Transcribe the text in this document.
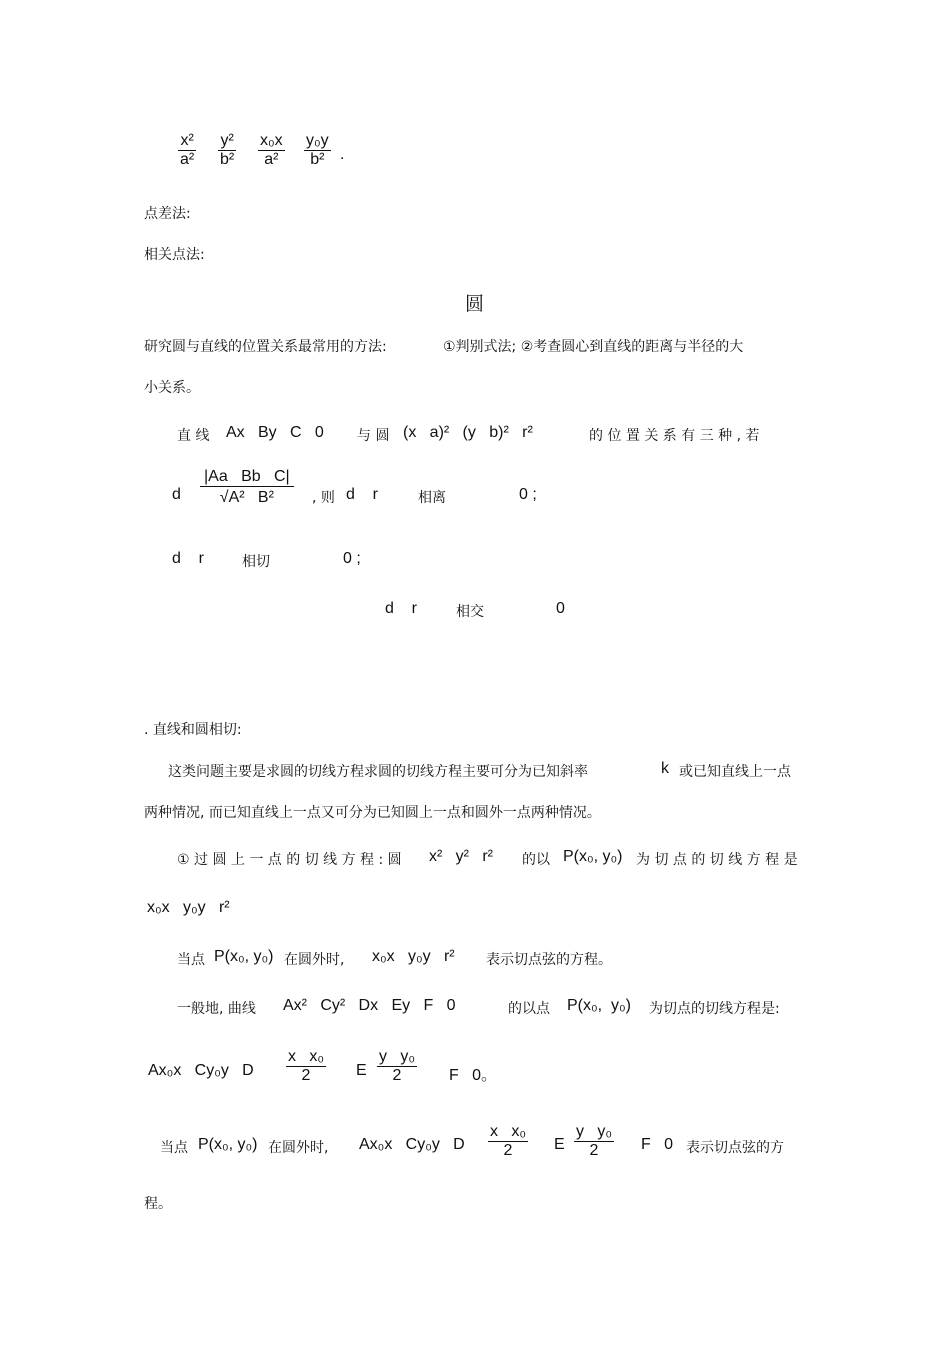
$\frac{\text{x²}}{\text{a²}} \frac{\text{y²}}{\text{b²}} \frac{\text{x₀x}}{\text{a²}} \frac{\text{y₀y}}{\text{b²}}$ .
点差法:
相关点法:
圆
研究圆与直线的位置关系最常用的方法:	①判别式法; ②考查圆心到直线的距离与半径的大
小关系。
直 线 Ax   By   C   0 与 圆 (x   a)²   (y   b)²   r²	的 位 置 关 系 有 三 种 , 若
d $\frac{\text{|Aa   Bb   C|}}{\text{√A²   B²}}$ , 则 d    r	相离	0 ;
d    r	相切	0 ;
d    r	相交	0
. 直线和圆相切:
这类问题主要是求圆的切线方程求圆的切线方程主要可分为已知斜率	k 或已知直线上一点
两种情况, 而已知直线上一点又可分为已知圆上一点和圆外一点两种情况。
① 过 圆 上 一 点 的 切 线 方 程 : 圆 x²   y²   r² 的以 P(x₀, y₀) 为 切 点 的 切 线 方 程 是
x₀x   y₀y   r²
当点 P(x₀, y₀) 在圆外时, x₀x   y₀y   r² 表示切点弦的方程。
一般地, 曲线 Ax²   Cy²   Dx   Ey   F   0	的以点 P(x₀,  y₀) 为切点的切线方程是:
Ax₀x   Cy₀y   D $\frac{\text{x   x₀}}{2}$ E $\frac{\text{y   y₀}}{2}$ F   0。
当点 P(x₀, y₀) 在圆外时, Ax₀x   Cy₀y   D $\frac{\text{x   x₀}}{2}$ E $\frac{\text{y   y₀}}{2}$ F   0 表示切点弦的方
程。
